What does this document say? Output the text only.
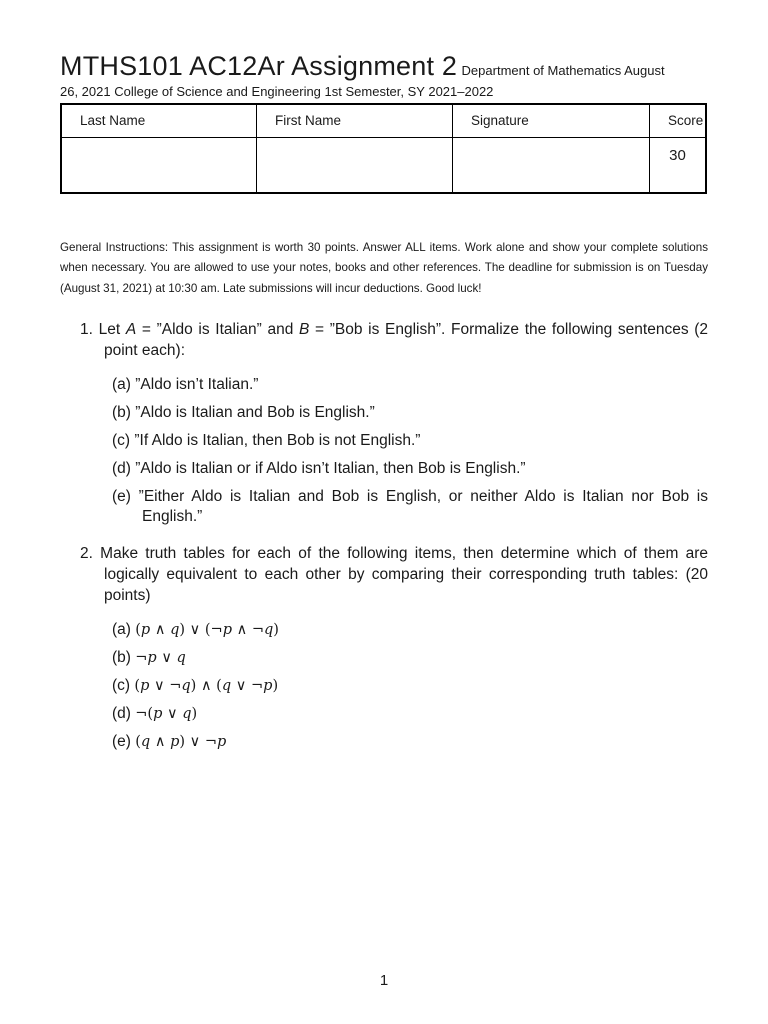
MTHS101 AC12Ar Assignment 2 Department of Mathematics August
26, 2021 College of Science and Engineering 1st Semester, SY 2021–2022
Last Name	First Name	Signature	Score
			30
General Instructions: This assignment is worth 30 points. Answer ALL items. Work alone and show your complete solutions when necessary. You are allowed to use your notes, books and other references. The deadline for submission is on Tuesday (August 31, 2021) at 10:30 am. Late submissions will incur deductions. Good luck!
1. Let A = ”Aldo is Italian” and B = ”Bob is English”. Formalize the following sentences (2 point each):
(a) ”Aldo isn’t Italian.”
(b) ”Aldo is Italian and Bob is English.”
(c) ”If Aldo is Italian, then Bob is not English.”
(d) ”Aldo is Italian or if Aldo isn’t Italian, then Bob is English.”
(e) ”Either Aldo is Italian and Bob is English, or neither Aldo is Italian nor Bob is English.”
2. Make truth tables for each of the following items, then determine which of them are logically equivalent to each other by comparing their corresponding truth tables: (20 points)
(a) (p ∧ q) ∨ (¬p ∧ ¬q)
(b) ¬p ∨ q
(c) (p ∨ ¬q) ∧ (q ∨ ¬p)
(d) ¬(p ∨ q)
(e) (q ∧ p) ∨ ¬p
1
